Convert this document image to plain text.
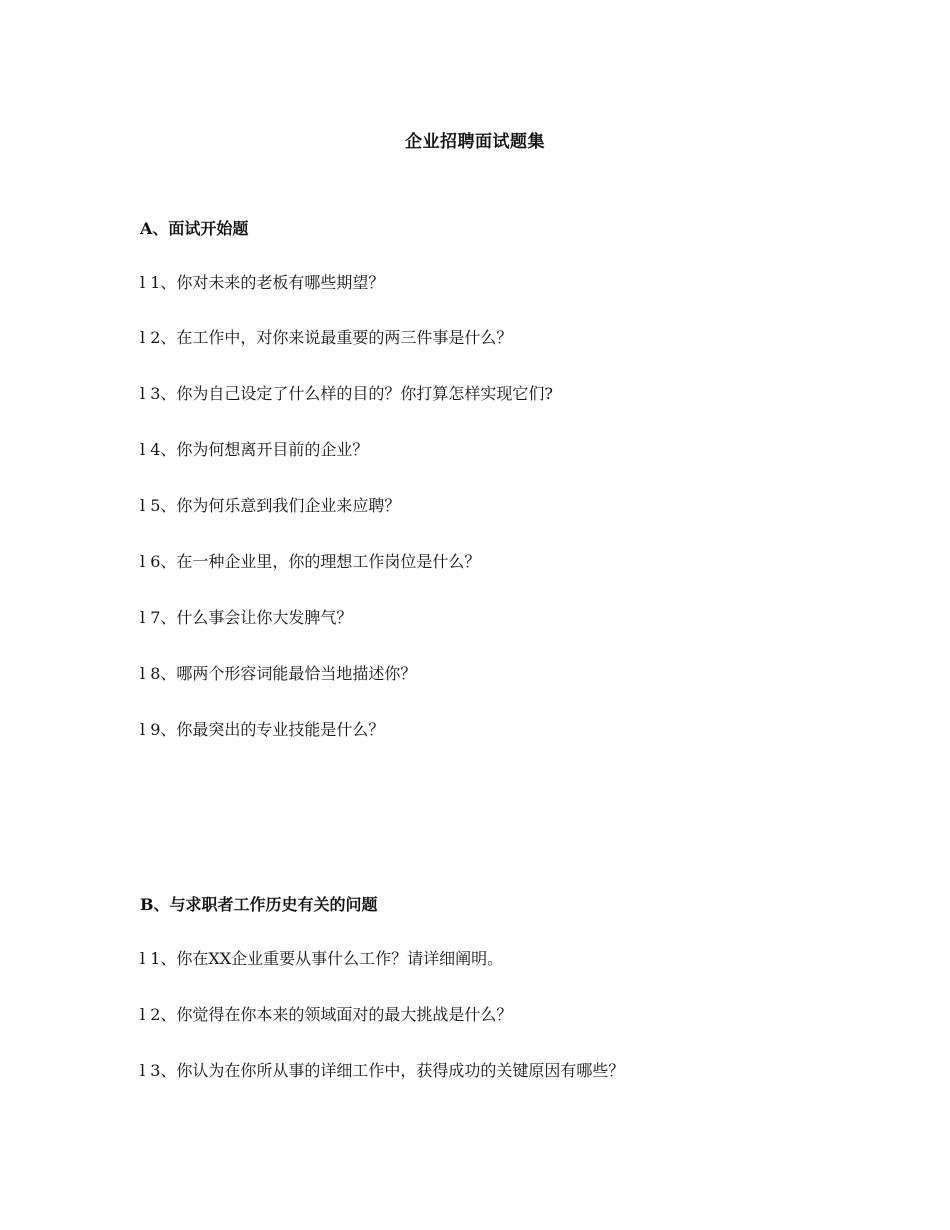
企业招聘面试题集
A、面试开始题
l 1、你对未来的老板有哪些期望？
l 2、在工作中，对你来说最重要的两三件事是什么？
l 3、你为自己设定了什么样的目的？你打算怎样实现它们?
l 4、你为何想离开目前的企业？
l 5、你为何乐意到我们企业来应聘？
l 6、在一种企业里，你的理想工作岗位是什么？
l 7、什么事会让你大发脾气？
l 8、哪两个形容词能最恰当地描述你？
l 9、你最突出的专业技能是什么？
B、与求职者工作历史有关的问题
l 1、你在XX企业重要从事什么工作？请详细阐明。
l 2、你觉得在你本来的领域面对的最大挑战是什么？
l 3、你认为在你所从事的详细工作中，获得成功的关键原因有哪些？
